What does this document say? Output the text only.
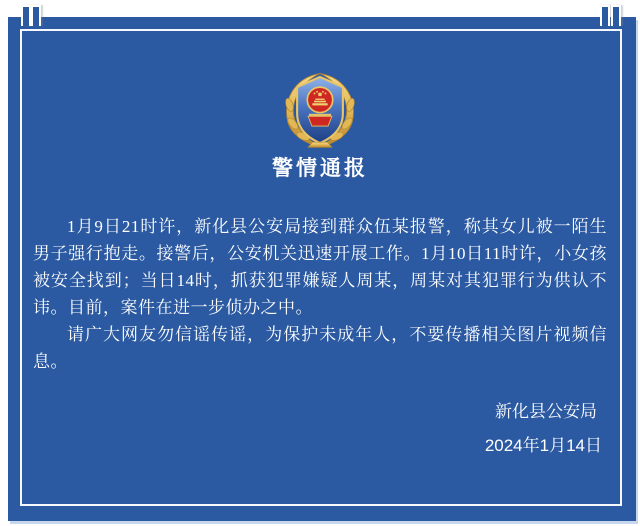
警情通报

1月9日21时许，新化县公安局接到群众伍某报警，称其女儿被一陌生男子强行抱走。接警后，公安机关迅速开展工作。1月10日11时许，小女孩被安全找到；当日14时，抓获犯罪嫌疑人周某，周某对其犯罪行为供认不讳。目前，案件在进一步侦办之中。

请广大网友勿信谣传谣，为保护未成年人，不要传播相关图片视频信息。

新化县公安局
2024年1月14日
